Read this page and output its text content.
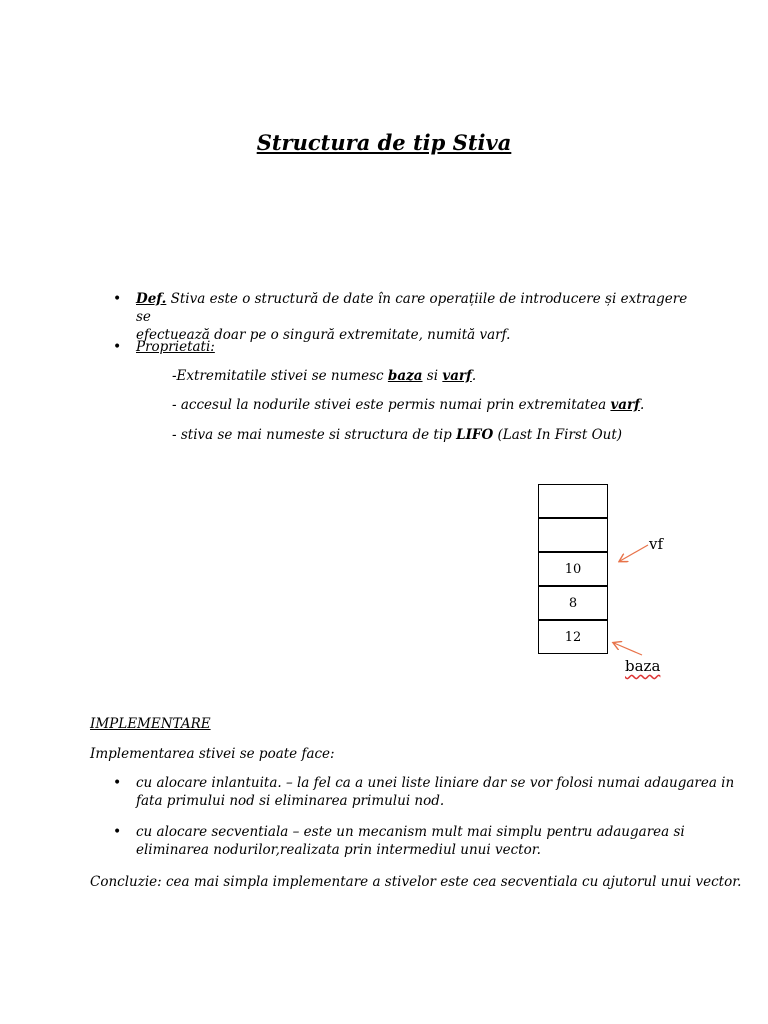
Structura de tip Stiva
• Def. Stiva este o structură de date în care operațiile de introducere și extragere se
efectuează doar pe o singură extremitate, numită varf.
• Proprietati:
-Extremitatile stivei se numesc baza si varf.
- accesul la nodurile stivei este permis numai prin extremitatea varf.
- stiva se mai numeste si structura de tip LIFO (Last In First Out)
10
8
12
vf
baza
IMPLEMENTARE
Implementarea stivei se poate face:
• cu alocare inlantuita. – la fel ca a unei liste liniare dar se vor folosi numai adaugarea in
fata primului nod si eliminarea primului nod.
• cu alocare secventiala – este un mecanism mult mai simplu pentru adaugarea si
eliminarea nodurilor,realizata prin intermediul unui vector.
Concluzie: cea mai simpla implementare a stivelor este cea secventiala cu ajutorul unui vector.
